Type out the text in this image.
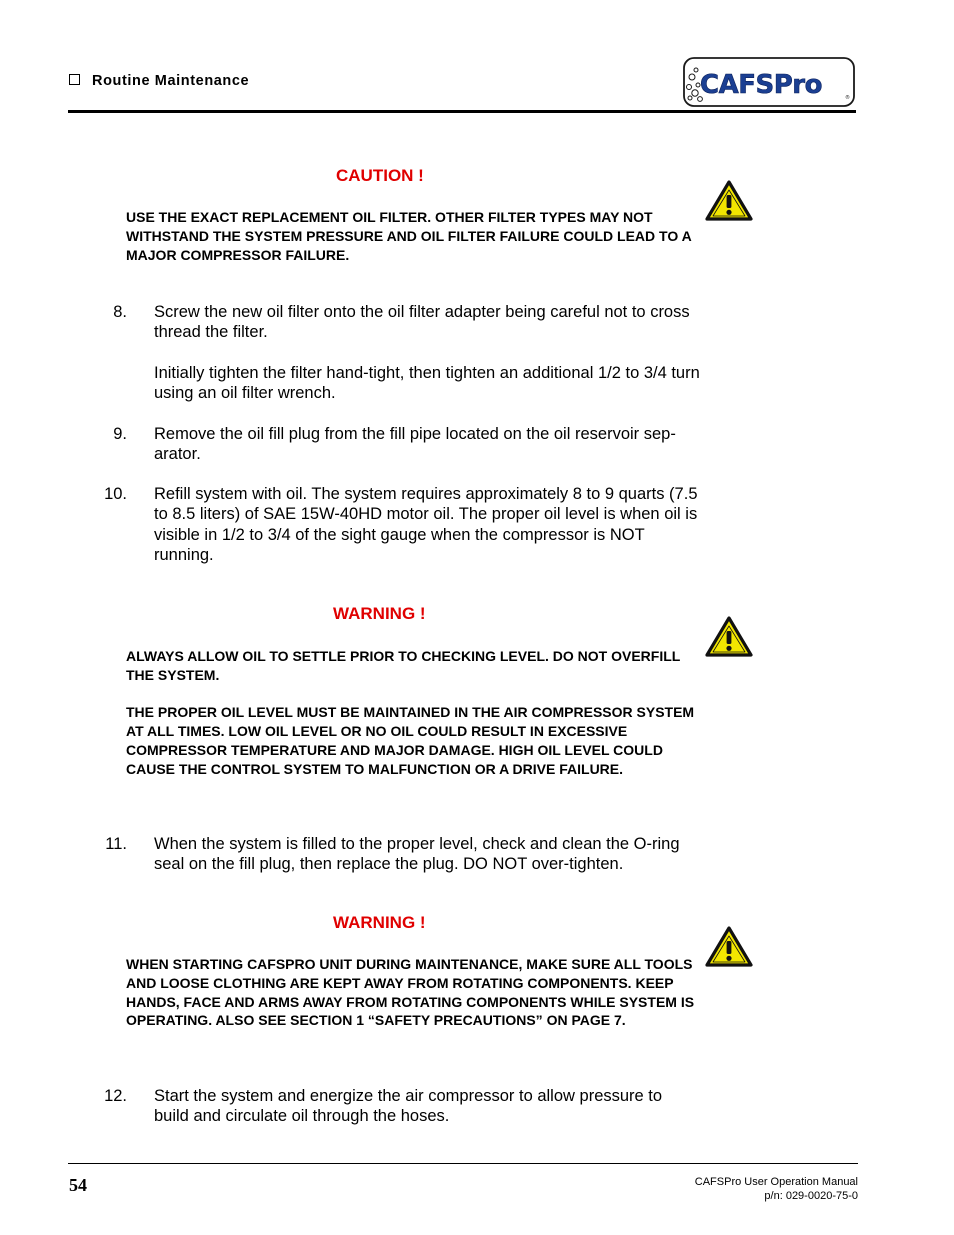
Routine Maintenance	CAFSPro	®
CAUTION !

USE THE EXACT REPLACEMENT OIL FILTER. OTHER FILTER TYPES MAY NOT WITHSTAND THE SYSTEM PRESSURE AND OIL FILTER FAILURE COULD LEAD TO A MAJOR COMPRESSOR FAILURE.

8. Screw the new oil filter onto the oil filter adapter being careful not to cross thread the filter.

Initially tighten the filter hand-tight, then tighten an additional 1/2 to 3/4 turn using an oil filter wrench.

9. Remove the oil fill plug from the fill pipe located on the oil reservoir sep-arator.

10. Refill system with oil. The system requires approximately 8 to 9 quarts (7.5 to 8.5 liters) of SAE 15W-40HD motor oil. The proper oil level is when oil is visible in 1/2 to 3/4 of the sight gauge when the compressor is NOT running.

WARNING !

ALWAYS ALLOW OIL TO SETTLE PRIOR TO CHECKING LEVEL. DO NOT OVERFILL THE SYSTEM.

THE PROPER OIL LEVEL MUST BE MAINTAINED IN THE AIR COMPRESSOR SYSTEM AT ALL TIMES. LOW OIL LEVEL OR NO OIL COULD RESULT IN EXCESSIVE COMPRESSOR TEMPERATURE AND MAJOR DAMAGE. HIGH OIL LEVEL COULD CAUSE THE CONTROL SYSTEM TO MALFUNCTION OR A DRIVE FAILURE.

11. When the system is filled to the proper level, check and clean the O-ring seal on the fill plug, then replace the plug. DO NOT over-tighten.

WARNING !

WHEN STARTING CAFSPRO UNIT DURING MAINTENANCE, MAKE SURE ALL TOOLS AND LOOSE CLOTHING ARE KEPT AWAY FROM ROTATING COMPONENTS. KEEP HANDS, FACE AND ARMS AWAY FROM ROTATING COMPONENTS WHILE SYSTEM IS OPERATING. ALSO SEE SECTION 1 “SAFETY PRECAUTIONS” ON PAGE 7.

12. Start the system and energize the air compressor to allow pressure to build and circulate oil through the hoses.

54	CAFSPro User Operation Manual
p/n: 029-0020-75-0
